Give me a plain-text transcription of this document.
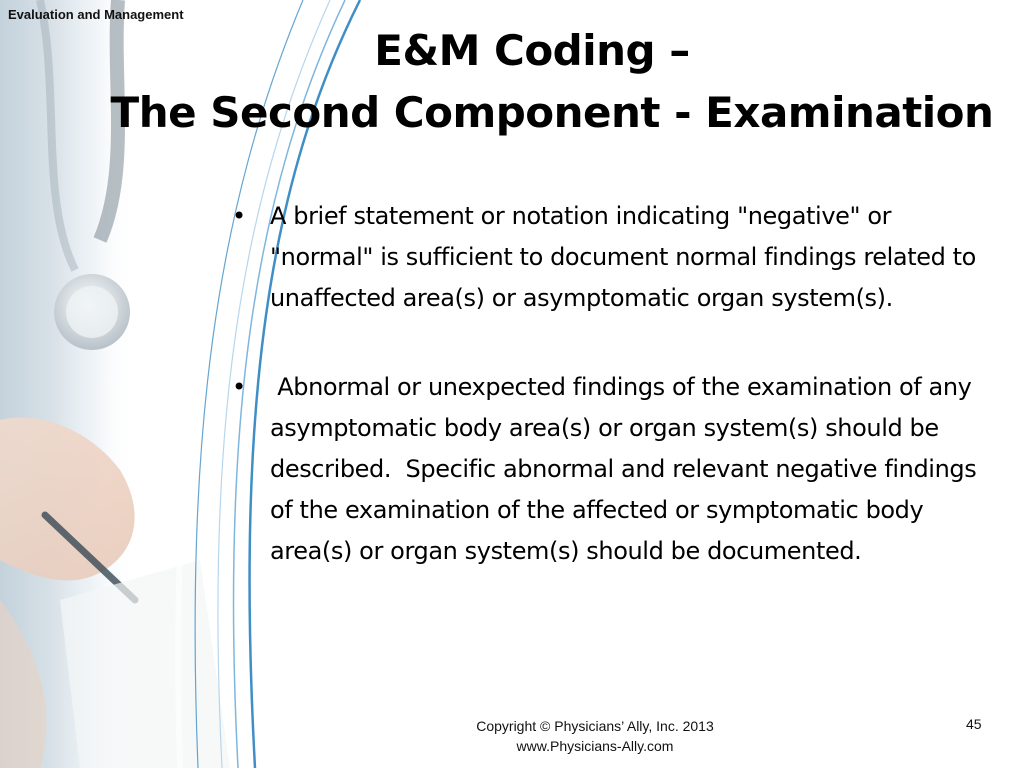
Evaluation and Management
E&M Coding –
The Second Component - Examination
• A brief statement or notation indicating "negative" or "normal" is sufficient to document normal findings related to unaffected area(s) or asymptomatic organ system(s).
• Abnormal or unexpected findings of the examination of any asymptomatic body area(s) or organ system(s) should be described.  Specific abnormal and relevant negative findings of the examination of the affected or symptomatic body area(s) or organ system(s) should be documented.
Copyright © Physicians’ Ally, Inc. 2013
www.Physicians-Ally.com
45
